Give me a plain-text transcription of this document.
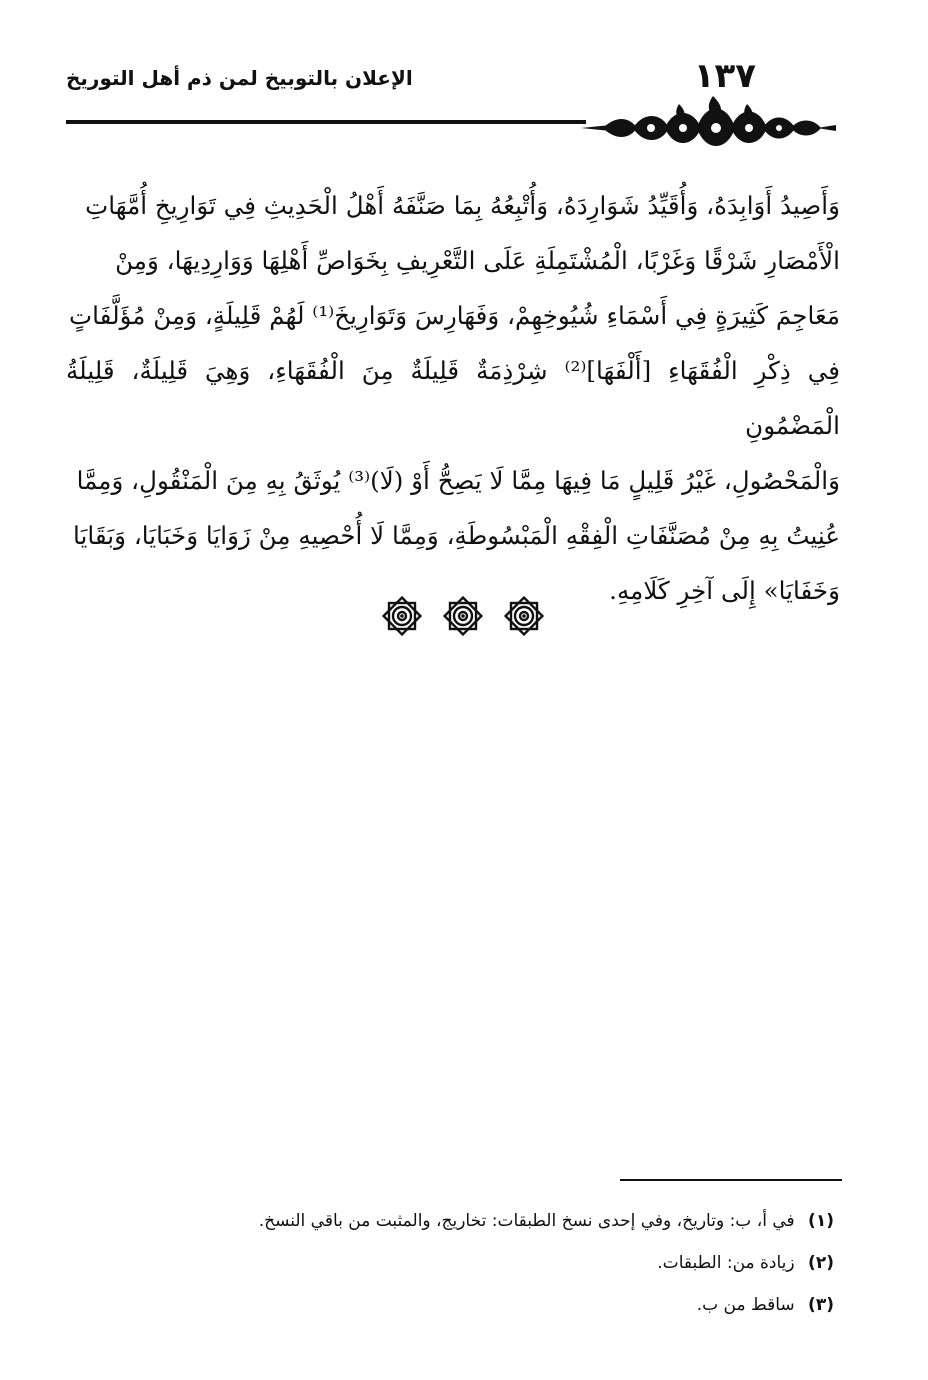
الإعلان بالتوبيخ لمن ذم أهل التوريخ	١٣٧
وَأَصِيدُ أَوَابِدَهُ، وَأُقَيِّدُ شَوَارِدَهُ، وَأُتْبِعُهُ بِمَا صَنَّفَهُ أَهْلُ الْحَدِيثِ فِي تَوَارِيخِ أُمَّهَاتِ
الْأَمْصَارِ شَرْقًا وَغَرْبًا، الْمُشْتَمِلَةِ عَلَى التَّعْرِيفِ بِخَوَاصِّ أَهْلِهَا وَوَارِدِيهَا، وَمِنْ
مَعَاجِمَ كَثِيرَةٍ فِي أَسْمَاءِ شُيُوخِهِمْ، وَفَهَارِسَ وَتَوَارِيخَ⁽¹⁾ لَهُمْ قَلِيلَةٍ، وَمِنْ مُؤَلَّفَاتٍ
فِي ذِكْرِ الْفُقَهَاءِ [أَلْفَهَا]⁽²⁾ شِرْذِمَةٌ قَلِيلَةٌ مِنَ الْفُقَهَاءِ، وَهِيَ قَلِيلَةٌ، قَلِيلَةُ الْمَضْمُونِ
وَالْمَحْصُولِ، غَيْرُ قَلِيلٍ مَا فِيهَا مِمَّا لَا يَصِحُّ أَوْ (لَا)⁽³⁾ يُوثَقُ بِهِ مِنَ الْمَنْقُولِ، وَمِمَّا
عُنِيتُ بِهِ مِنْ مُصَنَّفَاتِ الْفِقْهِ الْمَبْسُوطَةِ، وَمِمَّا لَا أُحْصِيهِ مِنْ زَوَايَا وَخَبَايَا، وَبَقَايَا
وَخَفَايَا» إِلَى آخِرِ كَلَامِهِ.
(١) في أ، ب: وتاريخ، وفي إحدى نسخ الطبقات: تخاريج، والمثبت من باقي النسخ.
(٢) زيادة من: الطبقات.
(٣) ساقط من ب.
